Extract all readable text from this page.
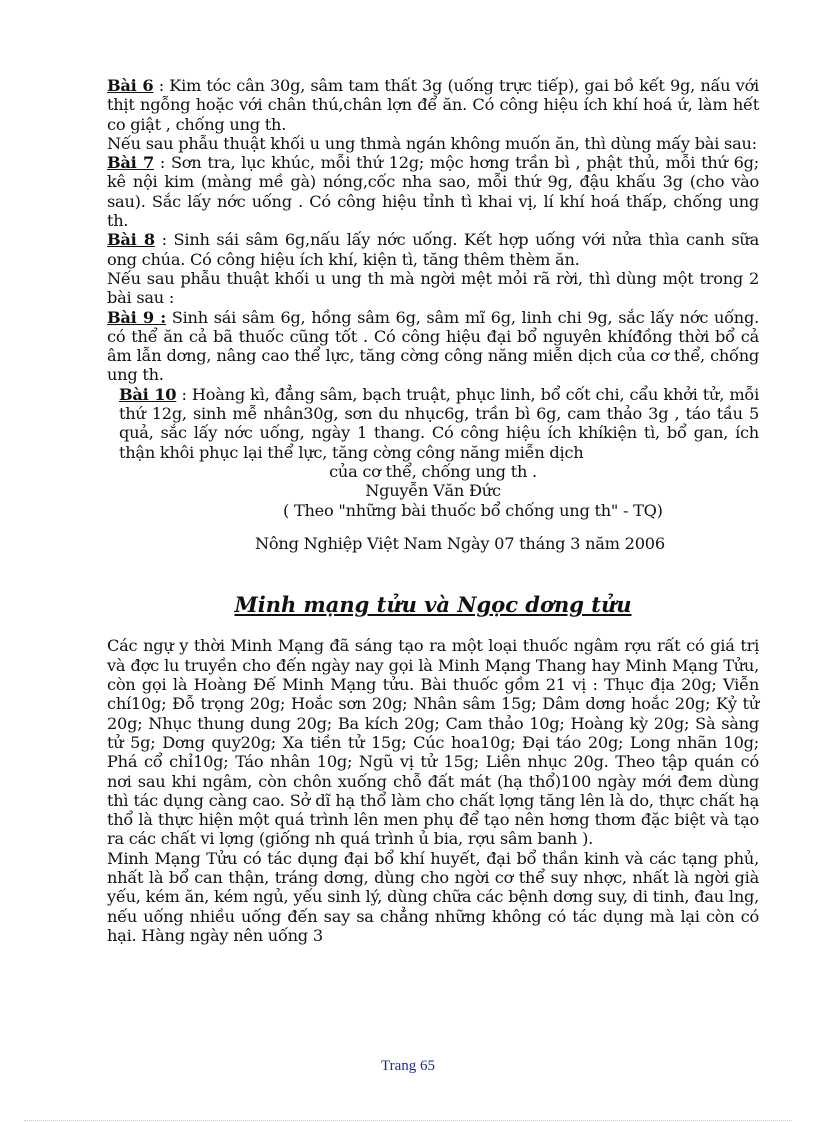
Bài 6 : Kim tóc cân 30g, sâm tam thất 3g (uống trực tiếp), gai bồ kết 9g, nấu với thịt ngỗng hoặc với chân thú,chân lợn để ăn. Có công hiệu ích khí hoá ứ, làm hết co giật , chống ung th.

Nếu sau phẫu thuật khối u ung thmà ngán không muốn ăn, thì dùng mấy bài sau:

Bài 7 : Sơn tra, lục khúc, mỗi thứ 12g; mộc hơng trần bì , phật thủ, mỗi thứ 6g; kê nội kim (màng mề gà) nóng,cốc nha sao, mỗi thứ 9g, đậu khấu 3g (cho vào sau). Sắc lấy nớc uống . Có công hiệu tỉnh tì khai vị, lí khí hoá thấp, chống ung th.

Bài 8 : Sinh sái sâm 6g,nấu lấy nớc uống. Kết hợp uống với nửa thìa canh sữa ong chúa. Có công hiệu ích khí, kiện tì, tăng thêm thèm ăn.

Nếu sau phẫu thuật khối u ung th mà ngời mệt mỏi rã rời, thì dùng một trong 2 bài sau :

Bài 9 : Sinh sái sâm 6g, hồng sâm 6g, sâm mĩ 6g, linh chi 9g, sắc lấy nớc uống. có thể ăn cả bã thuốc cũng tốt . Có công hiệu đại bổ nguyên khíđồng thời bổ cả âm lẫn dơng, nâng cao thể lực, tăng cờng công năng miễn dịch của cơ thể, chống ung th.

Bài 10 : Hoàng kì, đẳng sâm, bạch truật, phục linh, bổ cốt chi, cẩu khởi tử, mỗi thứ 12g, sinh mễ nhân30g, sơn du nhục6g, trần bì 6g, cam thảo 3g , táo tầu 5 quả, sắc lấy nớc uống, ngày 1 thang. Có công hiệu ích khíkiện tì, bổ gan, ích thận khôi phục lại thể lực, tăng cờng công năng miễn dịch

của cơ thể, chống ung th .

Nguyễn Văn Đức

( Theo "những bài thuốc bổ chống ung th" - TQ)

Nông Nghiệp Việt Nam Ngày 07 tháng 3 năm 2006

Minh mạng tửu và Ngọc dơng tửu

Các ngự y thời Minh Mạng đã sáng tạo ra một loại thuốc ngâm rợu rất có giá trị và đợc lu truyền cho đến ngày nay gọi là Minh Mạng Thang hay Minh Mạng Tửu, còn gọi là Hoàng Đế Minh Mạng tửu. Bài thuốc gồm 21 vị : Thục địa 20g; Viễn chí10g; Đỗ trọng 20g; Hoắc sơn 20g; Nhân sâm 15g; Dâm dơng hoắc 20g; Kỷ tử 20g; Nhục thung dung 20g; Ba kích 20g; Cam thảo 10g; Hoàng kỳ 20g; Sà sàng tử 5g; Dơng quy20g; Xa tiền tử 15g; Cúc hoa10g; Đại táo 20g; Long nhãn 10g; Phá cổ chỉ10g; Táo nhân 10g; Ngũ vị tử 15g; Liên nhục 20g. Theo tập quán có nơi sau khi ngâm, còn chôn xuống chỗ đất mát (hạ thổ)100 ngày mới đem dùng thì tác dụng càng cao. Sở dĩ hạ thổ làm cho chất lợng tăng lên là do, thực chất hạ thổ là thực hiện một quá trình lên men phụ để tạo nên hơng thơm đặc biệt và tạo ra các chất vi lợng (giống nh quá trình ủ bia, rợu sâm banh ).

Minh Mạng Tửu có tác dụng đại bổ khí huyết, đại bổ thần kinh và các tạng phủ, nhất là bổ can thận, tráng dơng, dùng cho ngời cơ thể suy nhợc, nhất là ngời già yếu, kém ăn, kém ngủ, yếu sinh lý, dùng chữa các bệnh dơng suy, di tinh, đau lng, nếu uống nhiều uống đến say sa chẳng những không có tác dụng mà lại còn có hại. Hàng ngày nên uống 3

Trang 65
